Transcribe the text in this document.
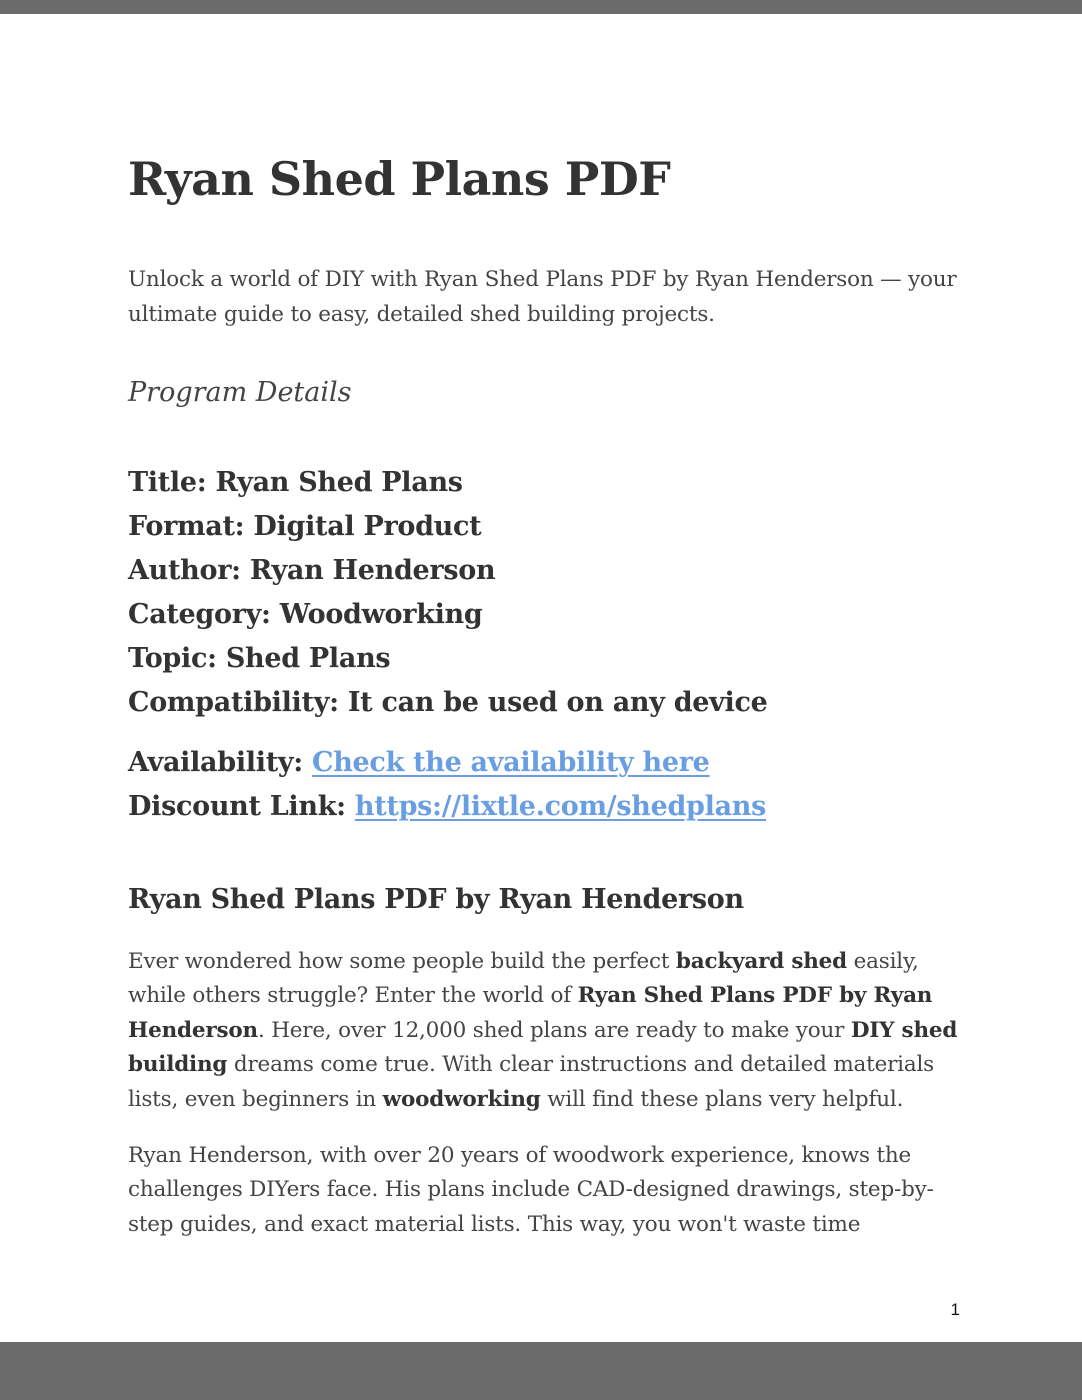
Ryan Shed Plans PDF

Unlock a world of DIY with Ryan Shed Plans PDF by Ryan Henderson — your ultimate guide to easy, detailed shed building projects.

Program Details

Title: Ryan Shed Plans
Format: Digital Product
Author: Ryan Henderson
Category: Woodworking
Topic: Shed Plans
Compatibility: It can be used on any device
Availability: Check the availability here
Discount Link: https://lixtle.com/shedplans
Ryan Shed Plans PDF by Ryan Henderson

Ever wondered how some people build the perfect backyard shed easily, while others struggle? Enter the world of Ryan Shed Plans PDF by Ryan Henderson. Here, over 12,000 shed plans are ready to make your DIY shed building dreams come true. With clear instructions and detailed materials lists, even beginners in woodworking will find these plans very helpful.

Ryan Henderson, with over 20 years of woodwork experience, knows the challenges DIYers face. His plans include CAD-designed drawings, step-by-step guides, and exact material lists. This way, you won't waste time

1
